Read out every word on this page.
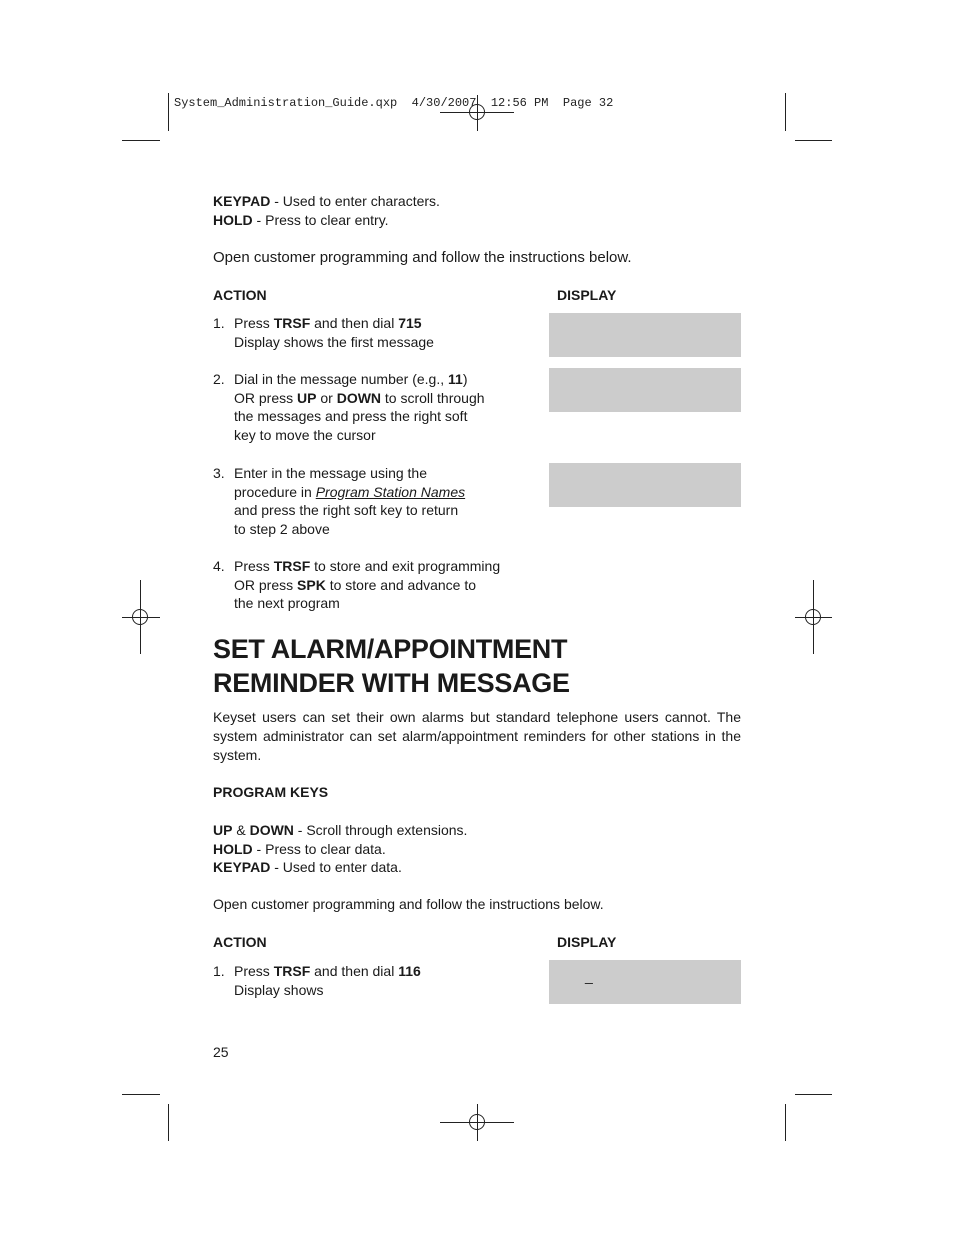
System_Administration_Guide.qxp  4/30/2007  12:56 PM  Page 32
KEYPAD - Used to enter characters.
HOLD - Press to clear entry.
Open customer programming and follow the instructions below.
ACTION	DISPLAY
1. Press TRSF and then dial 715
Display shows the first message
2. Dial in the message number (e.g., 11)
OR press UP or DOWN to scroll through
the messages and press the right soft
key to move the cursor
3. Enter in the message using the
procedure in Program Station Names
and press the right soft key to return
to step 2 above
4. Press TRSF to store and exit programming
OR press SPK to store and advance to
the next program
SET ALARM/APPOINTMENT
REMINDER WITH MESSAGE
Keyset users can set their own alarms but standard telephone users cannot. The system administrator can set alarm/appointment reminders for other stations in the system.
PROGRAM KEYS
UP & DOWN - Scroll through extensions.
HOLD - Press to clear data.
KEYPAD - Used to enter data.
Open customer programming and follow the instructions below.
ACTION	DISPLAY
1. Press TRSF and then dial 116
Display shows
_
25
